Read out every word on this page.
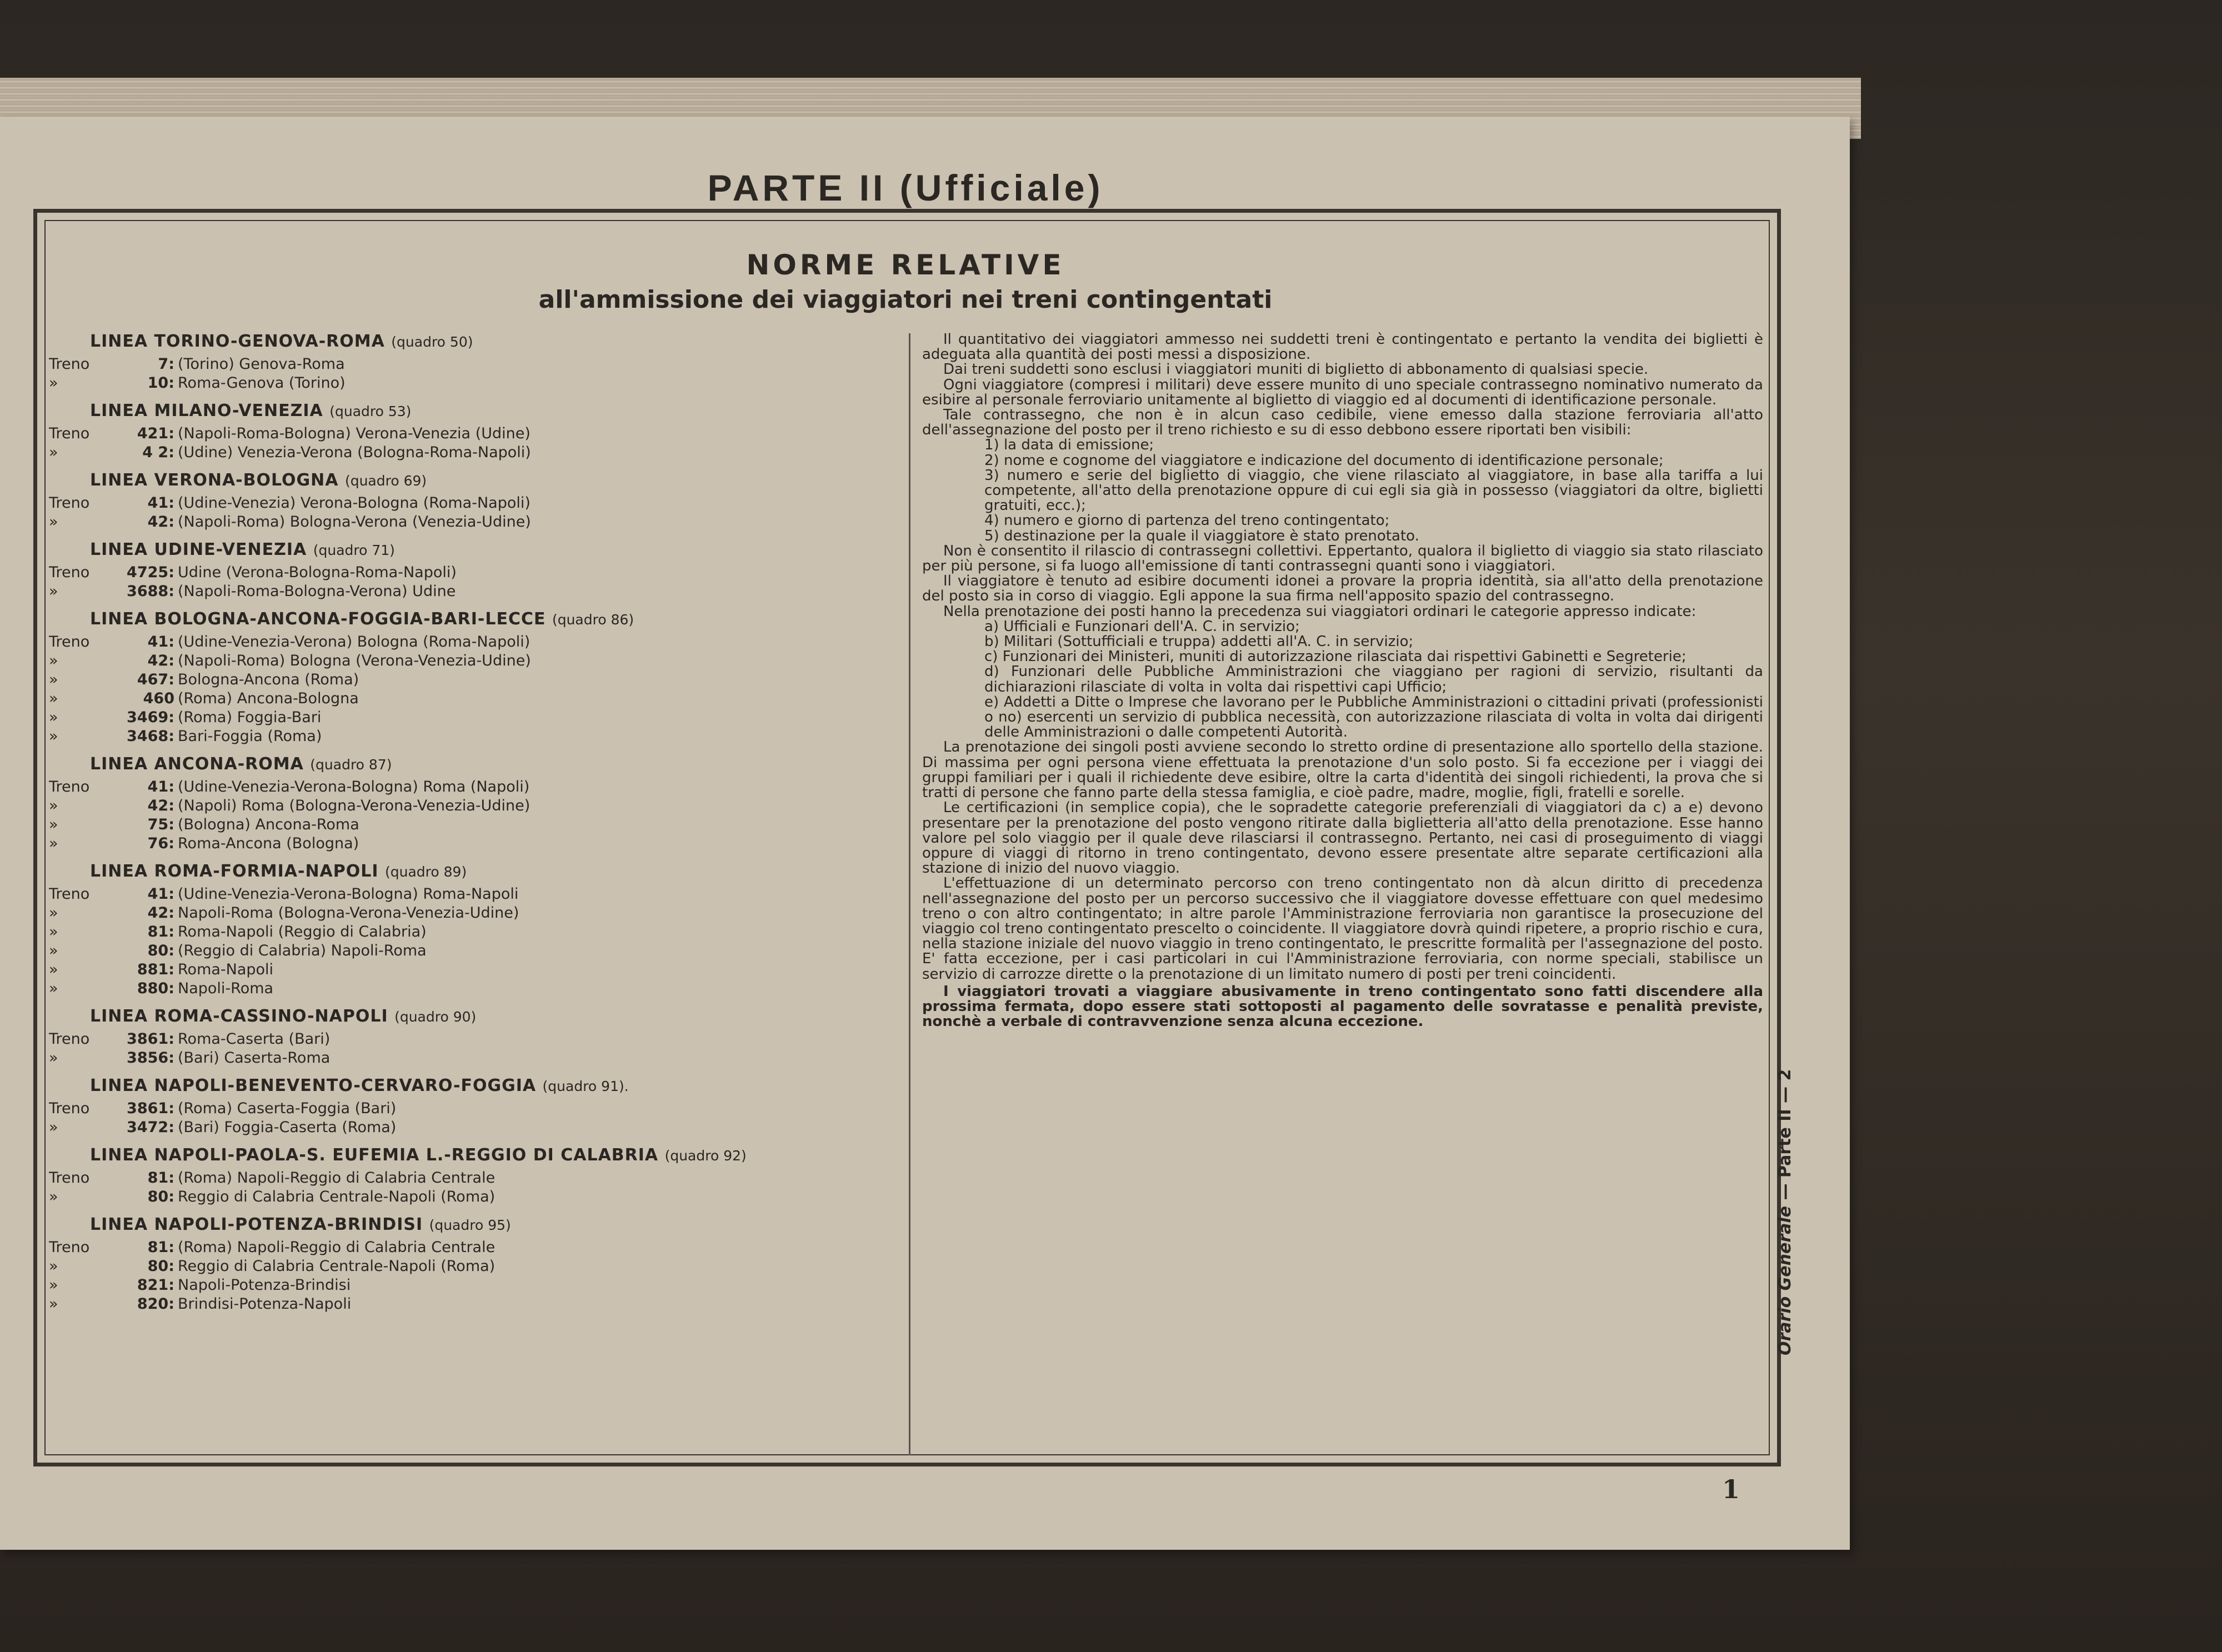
PARTE II (Ufficiale)
NORME RELATIVE
all'ammissione dei viaggiatori nei treni contingentati
LINEA TORINO-GENOVA-ROMA (quadro 50)
Treno	7: (Torino) Genova-Roma
»	10: Roma-Genova (Torino)
LINEA MILANO-VENEZIA (quadro 53)
Treno	421: (Napoli-Roma-Bologna) Verona-Venezia (Udine)
»	4 2: (Udine) Venezia-Verona (Bologna-Roma-Napoli)
LINEA VERONA-BOLOGNA (quadro 69)
Treno	41: (Udine-Venezia) Verona-Bologna (Roma-Napoli)
»	42: (Napoli-Roma) Bologna-Verona (Venezia-Udine)
LINEA UDINE-VENEZIA (quadro 71)
Treno	4725: Udine (Verona-Bologna-Roma-Napoli)
»	3688: (Napoli-Roma-Bologna-Verona) Udine
LINEA BOLOGNA-ANCONA-FOGGIA-BARI-LECCE (quadro 86)
Treno	41: (Udine-Venezia-Verona) Bologna (Roma-Napoli)
»	42: (Napoli-Roma) Bologna (Verona-Venezia-Udine)
»	467: Bologna-Ancona (Roma)
»	460 (Roma) Ancona-Bologna
»	3469: (Roma) Foggia-Bari
»	3468: Bari-Foggia (Roma)
LINEA ANCONA-ROMA (quadro 87)
Treno	41: (Udine-Venezia-Verona-Bologna) Roma (Napoli)
»	42: (Napoli) Roma (Bologna-Verona-Venezia-Udine)
»	75: (Bologna) Ancona-Roma
»	76: Roma-Ancona (Bologna)
LINEA ROMA-FORMIA-NAPOLI (quadro 89)
Treno	41: (Udine-Venezia-Verona-Bologna) Roma-Napoli
»	42: Napoli-Roma (Bologna-Verona-Venezia-Udine)
»	81: Roma-Napoli (Reggio di Calabria)
»	80: (Reggio di Calabria) Napoli-Roma
»	881: Roma-Napoli
»	880: Napoli-Roma
LINEA ROMA-CASSINO-NAPOLI (quadro 90)
Treno	3861: Roma-Caserta (Bari)
»	3856: (Bari) Caserta-Roma
LINEA NAPOLI-BENEVENTO-CERVARO-FOGGIA (quadro 91).
Treno	3861: (Roma) Caserta-Foggia (Bari)
»	3472: (Bari) Foggia-Caserta (Roma)
LINEA NAPOLI-PAOLA-S. EUFEMIA L.-REGGIO DI CALABRIA (quadro 92)
Treno	81: (Roma) Napoli-Reggio di Calabria Centrale
»	80: Reggio di Calabria Centrale-Napoli (Roma)
LINEA NAPOLI-POTENZA-BRINDISI (quadro 95)
Treno	81: (Roma) Napoli-Reggio di Calabria Centrale
»	80: Reggio di Calabria Centrale-Napoli (Roma)
»	821: Napoli-Potenza-Brindisi
»	820: Brindisi-Potenza-Napoli

Il quantitativo dei viaggiatori ammesso nei suddetti treni è contingentato e pertanto la vendita dei biglietti è adeguata alla quantità dei posti messi a disposizione.

Dai treni suddetti sono esclusi i viaggiatori muniti di biglietto di abbonamento di qualsiasi specie.

Ogni viaggiatore (compresi i militari) deve essere munito di uno speciale contrassegno nominativo numerato da esibire al personale ferroviario unitamente al biglietto di viaggio ed al documenti di identificazione personale.

Tale contrassegno, che non è in alcun caso cedibile, viene emesso dalla stazione ferroviaria all'atto dell'assegnazione del posto per il treno richiesto e su di esso debbono essere riportati ben visibili:

1) la data di emissione;

2) nome e cognome del viaggiatore e indicazione del documento di identificazione personale;

3) numero e serie del biglietto di viaggio, che viene rilasciato al viaggiatore, in base alla tariffa a lui competente, all'atto della prenotazione oppure di cui egli sia già in possesso (viaggiatori da oltre, biglietti gratuiti, ecc.);

4) numero e giorno di partenza del treno contingentato;

5) destinazione per la quale il viaggiatore è stato prenotato.

Non è consentito il rilascio di contrassegni collettivi. Eppertanto, qualora il biglietto di viaggio sia stato rilasciato per più persone, si fa luogo all'emissione di tanti contrassegni quanti sono i viaggiatori.

Il viaggiatore è tenuto ad esibire documenti idonei a provare la propria identità, sia all'atto della prenotazione del posto sia in corso di viaggio. Egli appone la sua firma nell'apposito spazio del contrassegno.

Nella prenotazione dei posti hanno la precedenza sui viaggiatori ordinari le categorie appresso indicate:

a) Ufficiali e Funzionari dell'A. C. in servizio;

b) Militari (Sottufficiali e truppa) addetti all'A. C. in servizio;

c) Funzionari dei Ministeri, muniti di autorizzazione rilasciata dai rispettivi Gabinetti e Segreterie;

d) Funzionari delle Pubbliche Amministrazioni che viaggiano per ragioni di servizio, risultanti da dichiarazioni rilasciate di volta in volta dai rispettivi capi Ufficio;

e) Addetti a Ditte o Imprese che lavorano per le Pubbliche Amministrazioni o cittadini privati (professionisti o no) esercenti un servizio di pubblica necessità, con autorizzazione rilasciata di volta in volta dai dirigenti delle Amministrazioni o dalle competenti Autorità.

La prenotazione dei singoli posti avviene secondo lo stretto ordine di presentazione allo sportello della stazione. Di massima per ogni persona viene effettuata la prenotazione d'un solo posto. Si fa eccezione per i viaggi dei gruppi familiari per i quali il richiedente deve esibire, oltre la carta d'identità dei singoli richiedenti, la prova che si tratti di persone che fanno parte della stessa famiglia, e cioè padre, madre, moglie, figli, fratelli e sorelle.

Le certificazioni (in semplice copia), che le sopradette categorie preferenziali di viaggiatori da c) a e) devono presentare per la prenotazione del posto vengono ritirate dalla biglietteria all'atto della prenotazione. Esse hanno valore pel solo viaggio per il quale deve rilasciarsi il contrassegno. Pertanto, nei casi di proseguimento di viaggi oppure di viaggi di ritorno in treno contingentato, devono essere presentate altre separate certificazioni alla stazione di inizio del nuovo viaggio.

L'effettuazione di un determinato percorso con treno contingentato non dà alcun diritto di precedenza nell'assegnazione del posto per un percorso successivo che il viaggiatore dovesse effettuare con quel medesimo treno o con altro contingentato; in altre parole l'Amministrazione ferroviaria non garantisce la prosecuzione del viaggio col treno contingentato prescelto o coincidente. Il viaggiatore dovrà quindi ripetere, a proprio rischio e cura, nella stazione iniziale del nuovo viaggio in treno contingentato, le prescritte formalità per l'assegnazione del posto. E' fatta eccezione, per i casi particolari in cui l'Amministrazione ferroviaria, con norme speciali, stabilisce un servizio di carrozze dirette o la prenotazione di un limitato numero di posti per treni coincidenti.

I viaggiatori trovati a viaggiare abusivamente in treno contingentato sono fatti discendere alla prossima fermata, dopo essere stati sottoposti al pagamento delle sovratasse e penalità previste, nonchè a verbale di contravvenzione senza alcuna eccezione.

Orario Generale — Parte II — 2
1
